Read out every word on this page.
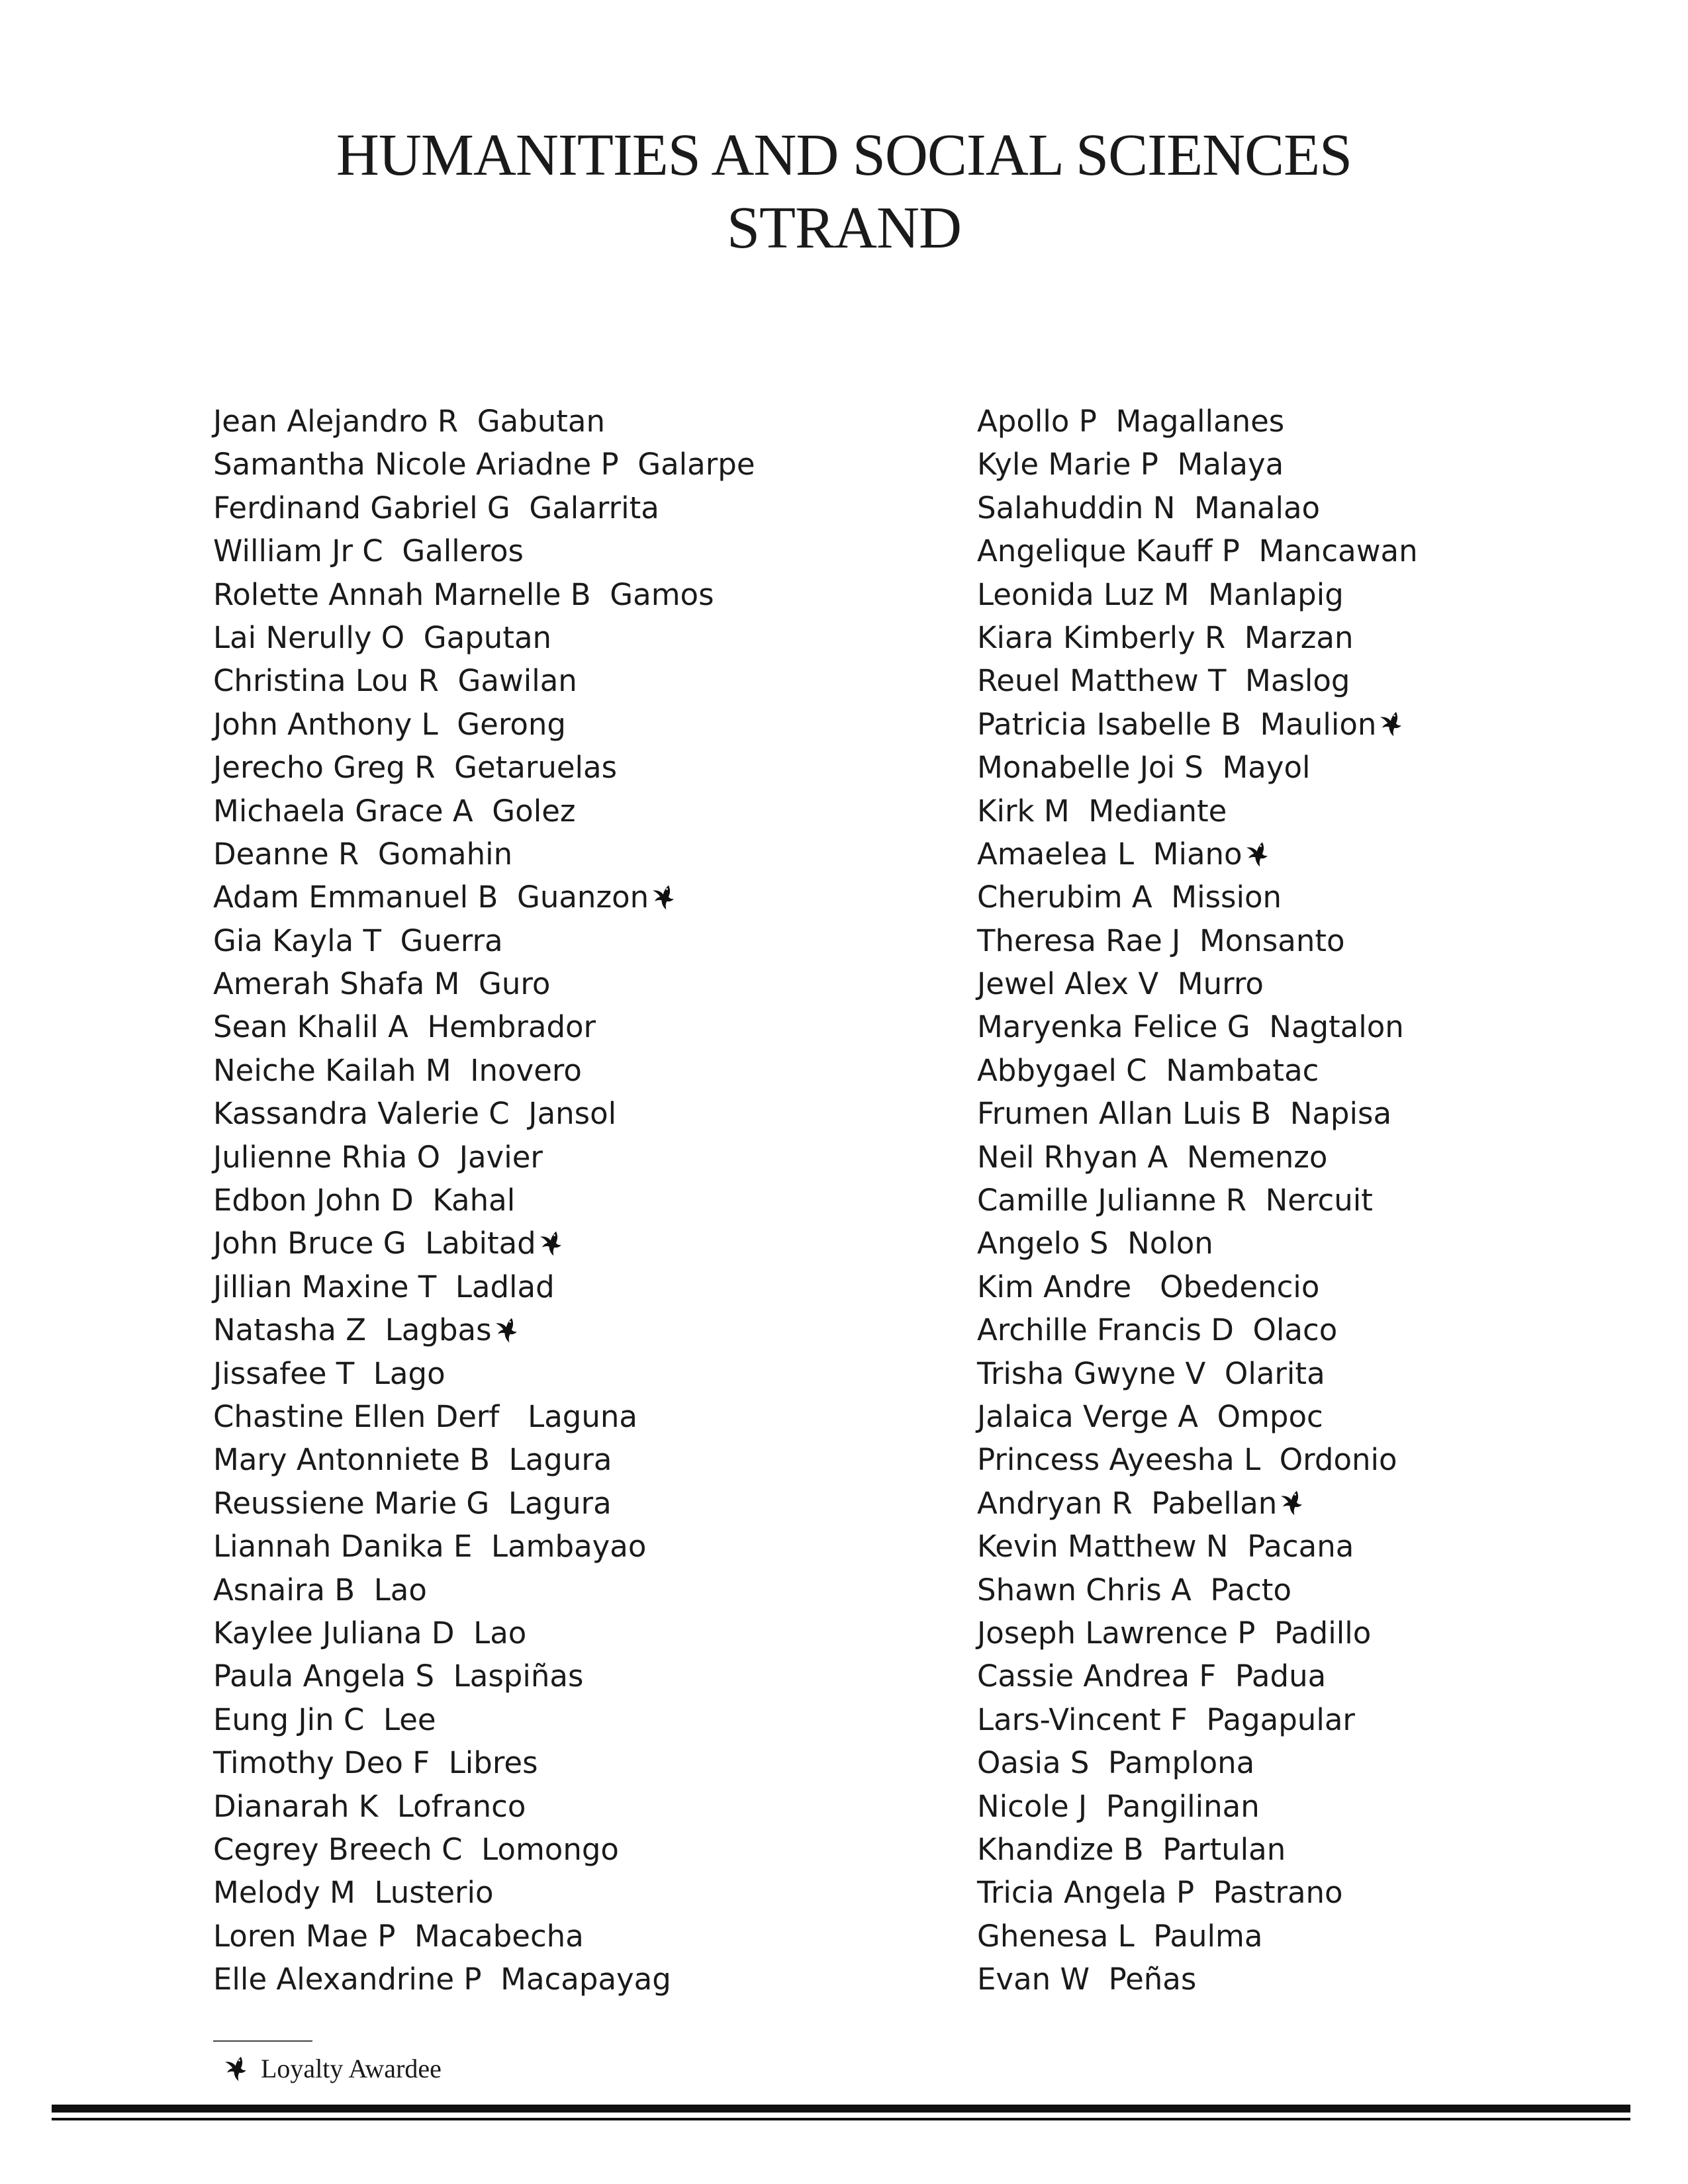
HUMANITIES AND SOCIAL SCIENCES
STRAND
Jean Alejandro R  Gabutan
Samantha Nicole Ariadne P  Galarpe
Ferdinand Gabriel G  Galarrita
William Jr C  Galleros
Rolette Annah Marnelle B  Gamos
Lai Nerully O  Gaputan
Christina Lou R  Gawilan
John Anthony L  Gerong
Jerecho Greg R  Getaruelas
Michaela Grace A  Golez
Deanne R  Gomahin
Adam Emmanuel B  Guanzon
Gia Kayla T  Guerra
Amerah Shafa M  Guro
Sean Khalil A  Hembrador
Neiche Kailah M  Inovero
Kassandra Valerie C  Jansol
Julienne Rhia O  Javier
Edbon John D  Kahal
John Bruce G  Labitad
Jillian Maxine T  Ladlad
Natasha Z  Lagbas
Jissafee T  Lago
Chastine Ellen Derf   Laguna
Mary Antonniete B  Lagura
Reussiene Marie G  Lagura
Liannah Danika E  Lambayao
Asnaira B  Lao
Kaylee Juliana D  Lao
Paula Angela S  Laspiñas
Eung Jin C  Lee
Timothy Deo F  Libres
Dianarah K  Lofranco
Cegrey Breech C  Lomongo
Melody M  Lusterio
Loren Mae P  Macabecha
Elle Alexandrine P  Macapayag
Apollo P  Magallanes
Kyle Marie P  Malaya
Salahuddin N  Manalao
Angelique Kauff P  Mancawan
Leonida Luz M  Manlapig
Kiara Kimberly R  Marzan
Reuel Matthew T  Maslog
Patricia Isabelle B  Maulion
Monabelle Joi S  Mayol
Kirk M  Mediante
Amaelea L  Miano
Cherubim A  Mission
Theresa Rae J  Monsanto
Jewel Alex V  Murro
Maryenka Felice G  Nagtalon
Abbygael C  Nambatac
Frumen Allan Luis B  Napisa
Neil Rhyan A  Nemenzo
Camille Julianne R  Nercuit
Angelo S  Nolon
Kim Andre   Obedencio
Archille Francis D  Olaco
Trisha Gwyne V  Olarita
Jalaica Verge A  Ompoc
Princess Ayeesha L  Ordonio
Andryan R  Pabellan
Kevin Matthew N  Pacana
Shawn Chris A  Pacto
Joseph Lawrence P  Padillo
Cassie Andrea F  Padua
Lars-Vincent F  Pagapular
Oasia S  Pamplona
Nicole J  Pangilinan
Khandize B  Partulan
Tricia Angela P  Pastrano
Ghenesa L  Paulma
Evan W  Peñas
Loyalty Awardee
